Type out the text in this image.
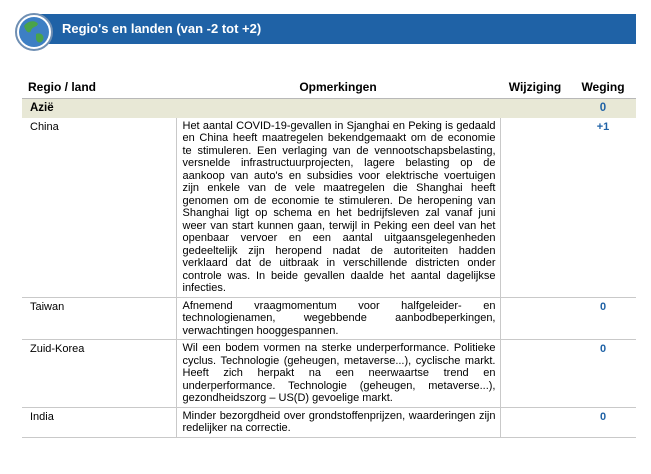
Regio's en landen (van -2 tot +2)
Regio / land	Opmerkingen	Wijziging	Weging
Azië			0
China	Het aantal COVID-19-gevallen in Sjanghai en Peking is gedaald en China heeft maatregelen bekendgemaakt om de economie te stimuleren. Een verlaging van de vennootschapsbelasting, versnelde infrastructuurprojecten, lagere belasting op de aankoop van auto's en subsidies voor elektrische voertuigen zijn enkele van de vele maatregelen die Shanghai heeft genomen om de economie te stimuleren. De heropening van Shanghai ligt op schema en het bedrijfsleven zal vanaf juni weer van start kunnen gaan, terwijl in Peking een deel van het openbaar vervoer en een aantal uitgaansgelegenheden gedeeltelijk zijn heropend nadat de autoriteiten hadden verklaard dat de uitbraak in verschillende districten onder controle was. In beide gevallen daalde het aantal dagelijkse infecties.		+1
Taiwan	Afnemend vraagmomentum voor halfgeleider- en technologienamen, wegebbende aanbodbeperkingen, verwachtingen hooggespannen.		0
Zuid-Korea	Wil een bodem vormen na sterke underperformance. Politieke cyclus. Technologie (geheugen, metaverse...), cyclische markt. Heeft zich herpakt na een neerwaartse trend en underperformance. Technologie (geheugen, metaverse...), gezondheidszorg – US(D) gevoelige markt.		0
India	Minder bezorgdheid over grondstoffenprijzen, waarderingen zijn redelijker na correctie.		0
